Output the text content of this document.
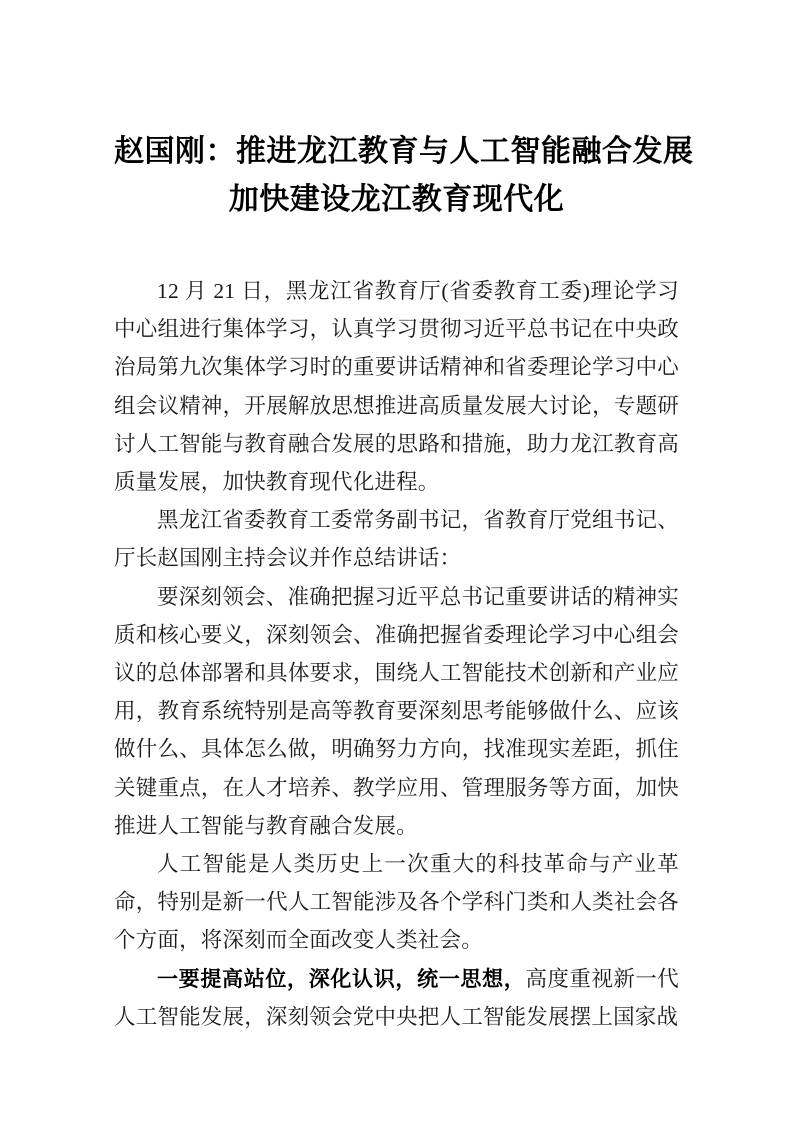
赵国刚：推进龙江教育与人工智能融合发展
加快建设龙江教育现代化

12 月 21 日，黑龙江省教育厅(省委教育工委)理论学习中心组进行集体学习，认真学习贯彻习近平总书记在中央政治局第九次集体学习时的重要讲话精神和省委理论学习中心组会议精神，开展解放思想推进高质量发展大讨论，专题研讨人工智能与教育融合发展的思路和措施，助力龙江教育高质量发展，加快教育现代化进程。

黑龙江省委教育工委常务副书记，省教育厅党组书记、厅长赵国刚主持会议并作总结讲话：

要深刻领会、准确把握习近平总书记重要讲话的精神实质和核心要义，深刻领会、准确把握省委理论学习中心组会议的总体部署和具体要求，围绕人工智能技术创新和产业应用，教育系统特别是高等教育要深刻思考能够做什么、应该做什么、具体怎么做，明确努力方向，找准现实差距，抓住关键重点，在人才培养、教学应用、管理服务等方面，加快推进人工智能与教育融合发展。

人工智能是人类历史上一次重大的科技革命与产业革命，特别是新一代人工智能涉及各个学科门类和人类社会各个方面，将深刻而全面改变人类社会。

一要提高站位，深化认识，统一思想，高度重视新一代人工智能发展，深刻领会党中央把人工智能发展摆上国家战
